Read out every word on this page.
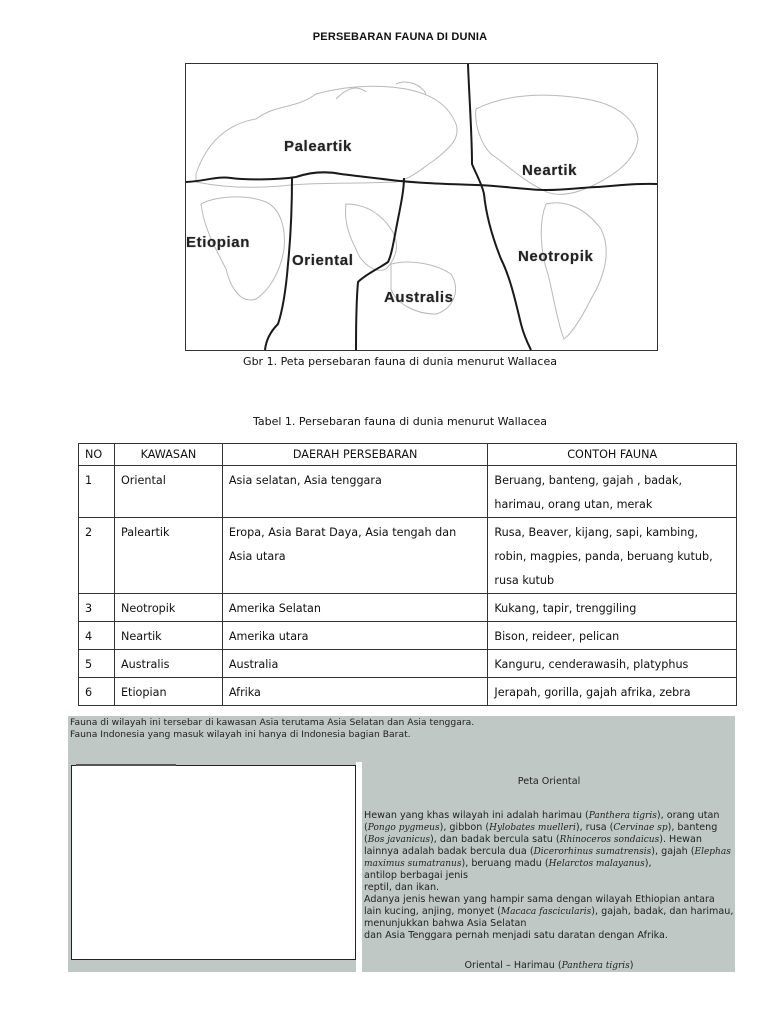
PERSEBARAN FAUNA DI DUNIA
Paleartik
Neartik
Etiopian
Oriental	Neotropik
Australis
Gbr 1. Peta persebaran fauna di dunia menurut Wallacea
Tabel 1. Persebaran fauna di dunia menurut Wallacea
NO	KAWASAN	DAERAH PERSEBARAN	CONTOH FAUNA
1	Oriental	Asia selatan, Asia tenggara	Beruang, banteng, gajah , badak, harimau, orang utan, merak
2	Paleartik	Eropa, Asia Barat Daya, Asia tengah dan Asia utara	Rusa, Beaver, kijang, sapi, kambing, robin, magpies, panda, beruang kutub, rusa kutub
3	Neotropik	Amerika Selatan	Kukang, tapir, trenggiling
4	Neartik	Amerika utara	Bison, reideer, pelican
5	Australis	Australia	Kanguru, cenderawasih, platyphus
6	Etiopian	Afrika	Jerapah, gorilla, gajah afrika, zebra
Fauna di wilayah ini tersebar di kawasan Asia terutama Asia Selatan dan Asia tenggara.
Fauna Indonesia yang masuk wilayah ini hanya di Indonesia bagian Barat.
Peta Oriental
Hewan yang khas wilayah ini adalah harimau (Panthera tigris), orang utan (Pongo pygmeus), gibbon (Hylobates muelleri), rusa (Cervinae sp), banteng (Bos javanicus), dan badak bercula satu (Rhinoceros sondaicus). Hewan lainnya adalah badak bercula dua (Dicerorhinus sumatrensis), gajah (Elephas maximus sumatranus), beruang madu (Helarctos malayanus),
antilop berbagai jenis
reptil, dan ikan.
Adanya jenis hewan yang hampir sama dengan wilayah Ethiopian antara lain kucing, anjing, monyet (Macaca fascicularis), gajah, badak, dan harimau, menunjukkan bahwa Asia Selatan
dan Asia Tenggara pernah menjadi satu daratan dengan Afrika.
Oriental – Harimau (Panthera tigris)
